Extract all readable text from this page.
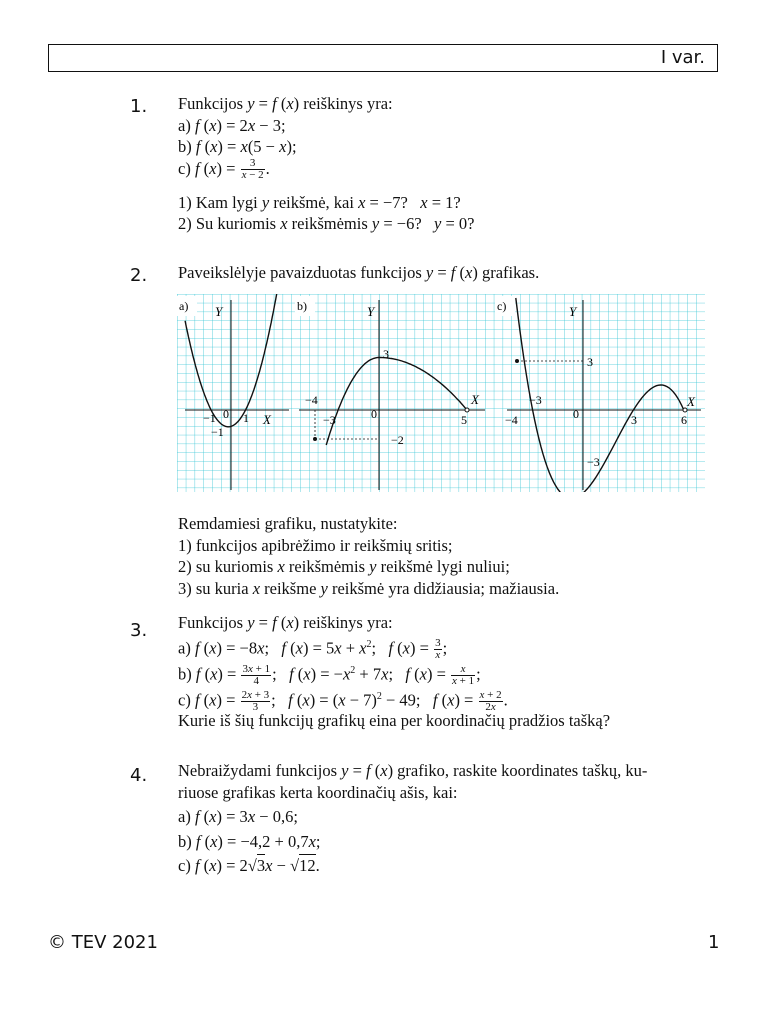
I var.
1. Funkcijos y = f (x) reiškinys yra:
a) f (x) = 2x − 3;
b) f (x) = x(5 − x);
c) f $(x) = \frac{3}{x - 2}$ .
1) Kam lygi y reikšmė, kai x = −7?   x = 1?
2) Su kuriomis x reikšmėmis y = −6?   y = 0?
2. Paveikslėlyje pavaizduotas funkcijos y = f (x) grafikas.
a) Y
X
−1 0 1
−1
b)	Y
X
−4
−3	0
3
5
−2
c)	Y
X
−4
−3
0	3	6
3
−3
Remdamiesi grafiku, nustatykite:
1) funkcijos apibrėžimo ir reikšmių sritis;
2) su kuriomis x reikšmėmis y reikšmė lygi nuliui;
3) su kuria x reikšme y reikšmė yra didžiausia; mažiausia.
3. Funkcijos y = f (x) reiškinys yra:
a) f (x) = −8x;   f $(x) = 5x + x^2$;   f $(x) = \frac{3}{x}$ ;
b) f $(x) = \frac{3x + 1}{4}$ ;   f $(x) = -x^2 + 7x$;   f $(x) = \frac{x}{x + 1}$ ;
c) f $(x) = \frac{2x + 3}{3}$ ;   f $(x) = (x - 7)^2 - 49$;   f $(x) = \frac{x + 2}{2x}$ .
Kurie iš šių funkcijų grafikų eina per koordinačių pradžios tašką?
4. Nebraižydami funkcijos y = f (x) grafiko, raskite koordinates taškų, ku-
riuose grafikas kerta koordinačių ašis, kai:
a) f (x) = 3x − 0,6;
b) f (x) = −4,2 + 0,7x;
c) f (x) = 2√3x − √12.
© TEV 2021	1
